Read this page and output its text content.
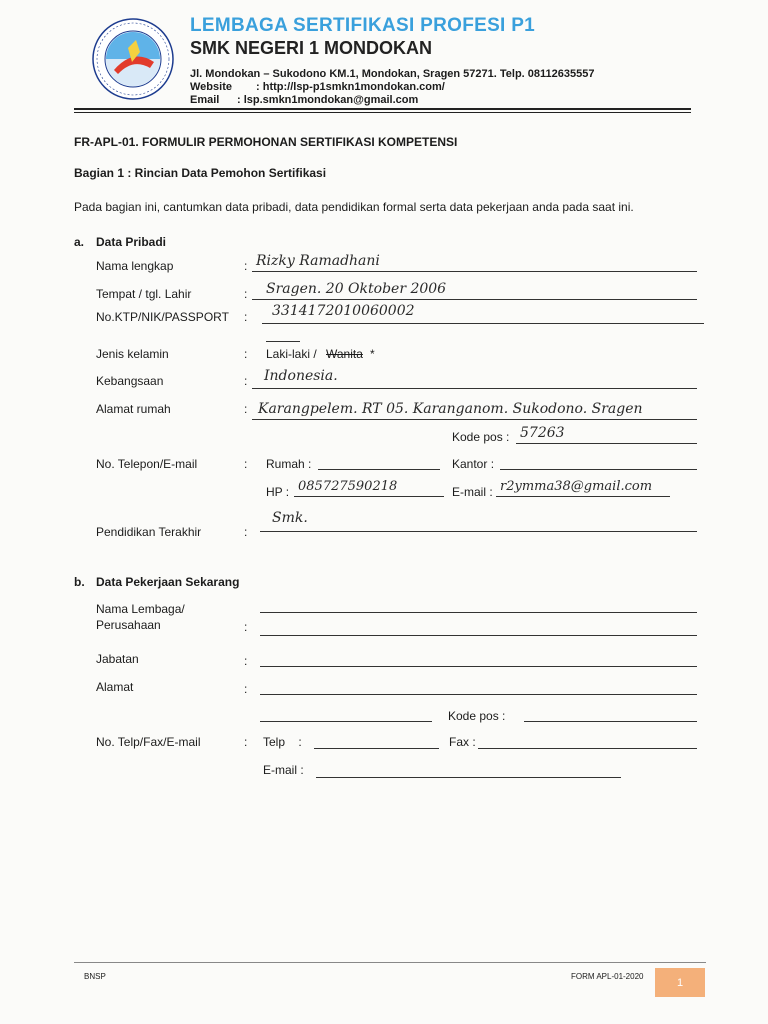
LEMBAGA SERTIFIKASI PROFESI P1
SMK NEGERI 1 MONDOKAN
Jl. Mondokan – Sukodono KM.1, Mondokan, Sragen 57271. Telp. 08112635557
Website : http://lsp-p1smkn1mondokan.com/
Email : lsp.smkn1mondokan@gmail.com
FR-APL-01. FORMULIR PERMOHONAN SERTIFIKASI KOMPETENSI
Bagian 1 : Rincian Data Pemohon Sertifikasi
Pada bagian ini, cantumkan data pribadi, data pendidikan formal serta data pekerjaan anda pada saat ini.
a. Data Pribadi
Nama lengkap	: Rizky Ramadhani
Tempat / tgl. Lahir	: Sragen. 20 Oktober 2006
No.KTP/NIK/PASSPORT : 3314172010060002
Jenis kelamin	: Laki-laki / Wanita *
Kebangsaan	: Indonesia.
Alamat rumah	: Karangpelem. RT 05. Karanganom. Sukodono. Sragen
Kode pos : 57263
No. Telepon/E-mail	: Rumah :	Kantor :
HP : 085727590218	E-mail : r2ymma38@gmail.com
Pendidikan Terakhir	:
Smk.
b. Data Pekerjaan Sekarang
Nama Lembaga/
Perusahaan	:
Jabatan	:
Alamat	:
Kode pos :
No. Telp/Fax/E-mail	: Telp    :	Fax :
E-mail :
BNSP	FORM APL-01-2020
1
